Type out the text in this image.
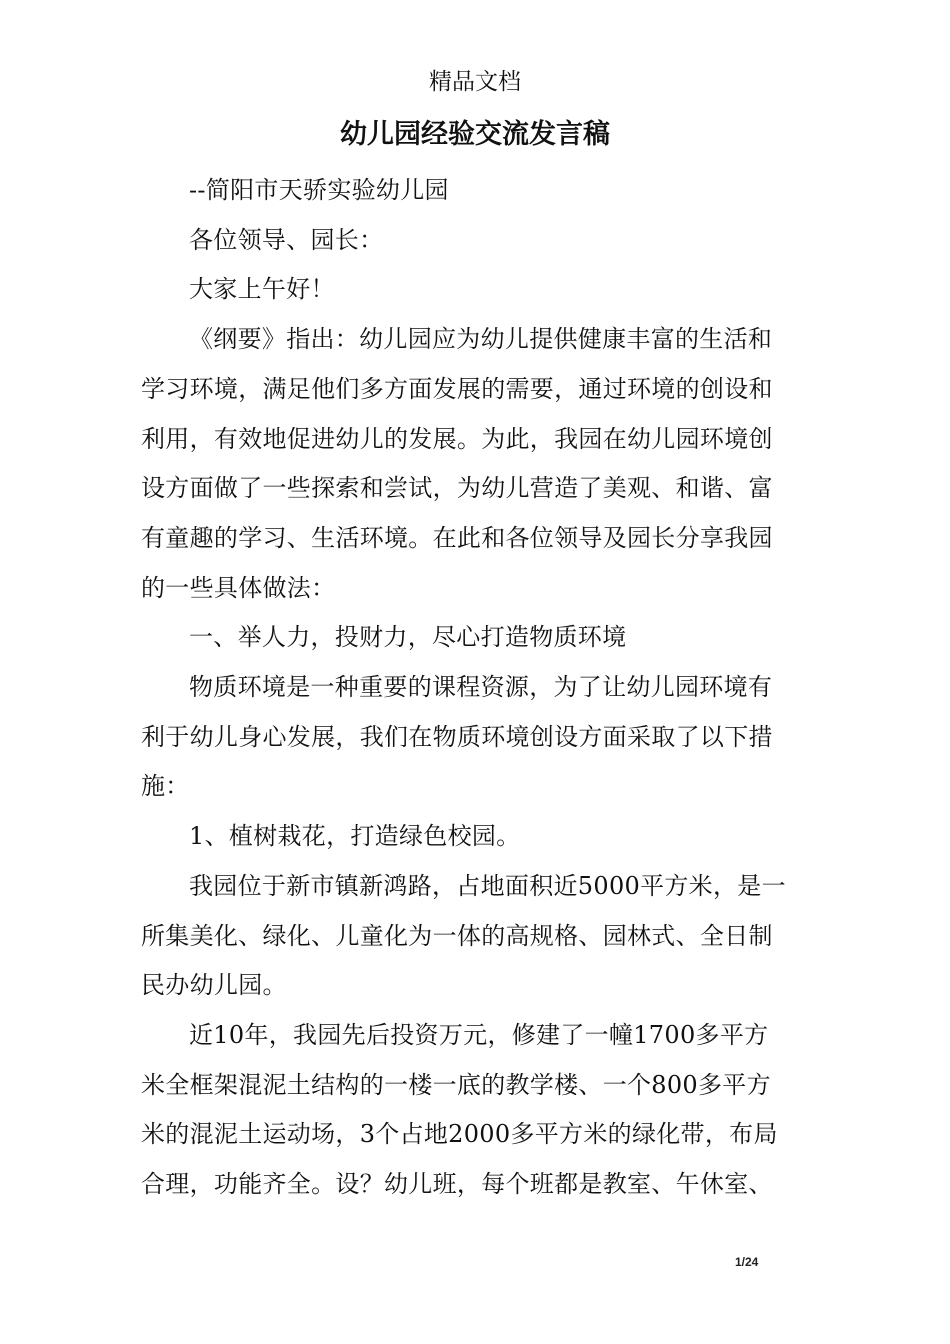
精品文档
幼儿园经验交流发言稿

--简阳市天骄实验幼儿园

各位领导、园长：

大家上午好！

《纲要》指出：幼儿园应为幼儿提供健康丰富的生活和
学习环境，满足他们多方面发展的需要，通过环境的创设和
利用，有效地促进幼儿的发展。为此，我园在幼儿园环境创
设方面做了一些探索和尝试，为幼儿营造了美观、和谐、富
有童趣的学习、生活环境。在此和各位领导及园长分享我园
的一些具体做法：

一、举人力，投财力，尽心打造物质环境

物质环境是一种重要的课程资源，为了让幼儿园环境有
利于幼儿身心发展，我们在物质环境创设方面采取了以下措
施：

1、植树栽花，打造绿色校园。

我园位于新市镇新鸿路，占地面积近5000平方米，是一
所集美化、绿化、儿童化为一体的高规格、园林式、全日制
民办幼儿园。

近10年，我园先后投资万元，修建了一幢1700多平方
米全框架混泥土结构的一楼一底的教学楼、一个800多平方
米的混泥土运动场，3个占地2000多平方米的绿化带，布局
合理，功能齐全。设？幼儿班，每个班都是教室、午休室、

1/24
